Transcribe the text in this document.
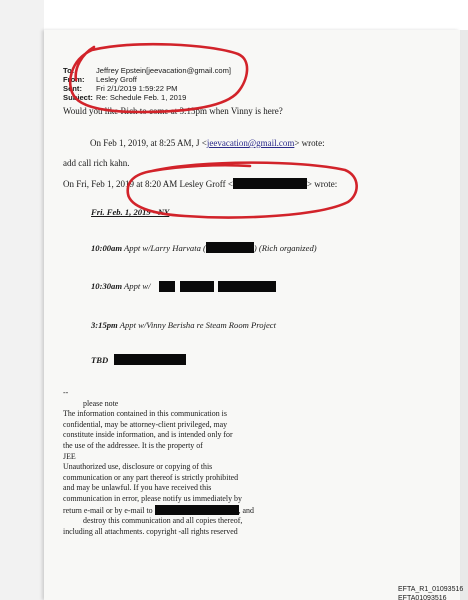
To:	Jeffrey Epstein[jeevacation@gmail.com]
From: Lesley Groff
Sent: Fri 2/1/2019 1:59:22 PM
Subject: Re: Schedule Feb. 1, 2019
Would you like Rich to come at 3:15pm when Vinny is here?
On Feb 1, 2019, at 8:25 AM, J <jeevacation@gmail.com> wrote:
add call rich kahn.
On Fri, Feb 1, 2019 at 8:20 AM Lesley Groff <	> wrote:
Fri. Feb. 1, 2019 - NY
10:00am Appt w/Larry Harvata (	) (Rich organized)
10:30am Appt w/
3:15pm Appt w/Vinny Berisha re Steam Room Project
TBD
--
please note
The information contained in this communication is
confidential, may be attorney-client privileged, may
constitute inside information, and is intended only for
the use of the addressee. It is the property of
JEE
Unauthorized use, disclosure or copying of this
communication or any part thereof is strictly prohibited
and may be unlawful. If you have received this
communication in error, please notify us immediately by
return e-mail or by e-mail to	, and
destroy this communication and all copies thereof,
including all attachments. copyright -all rights reserved
EFTA_R1_01093516
EFTA01093516
